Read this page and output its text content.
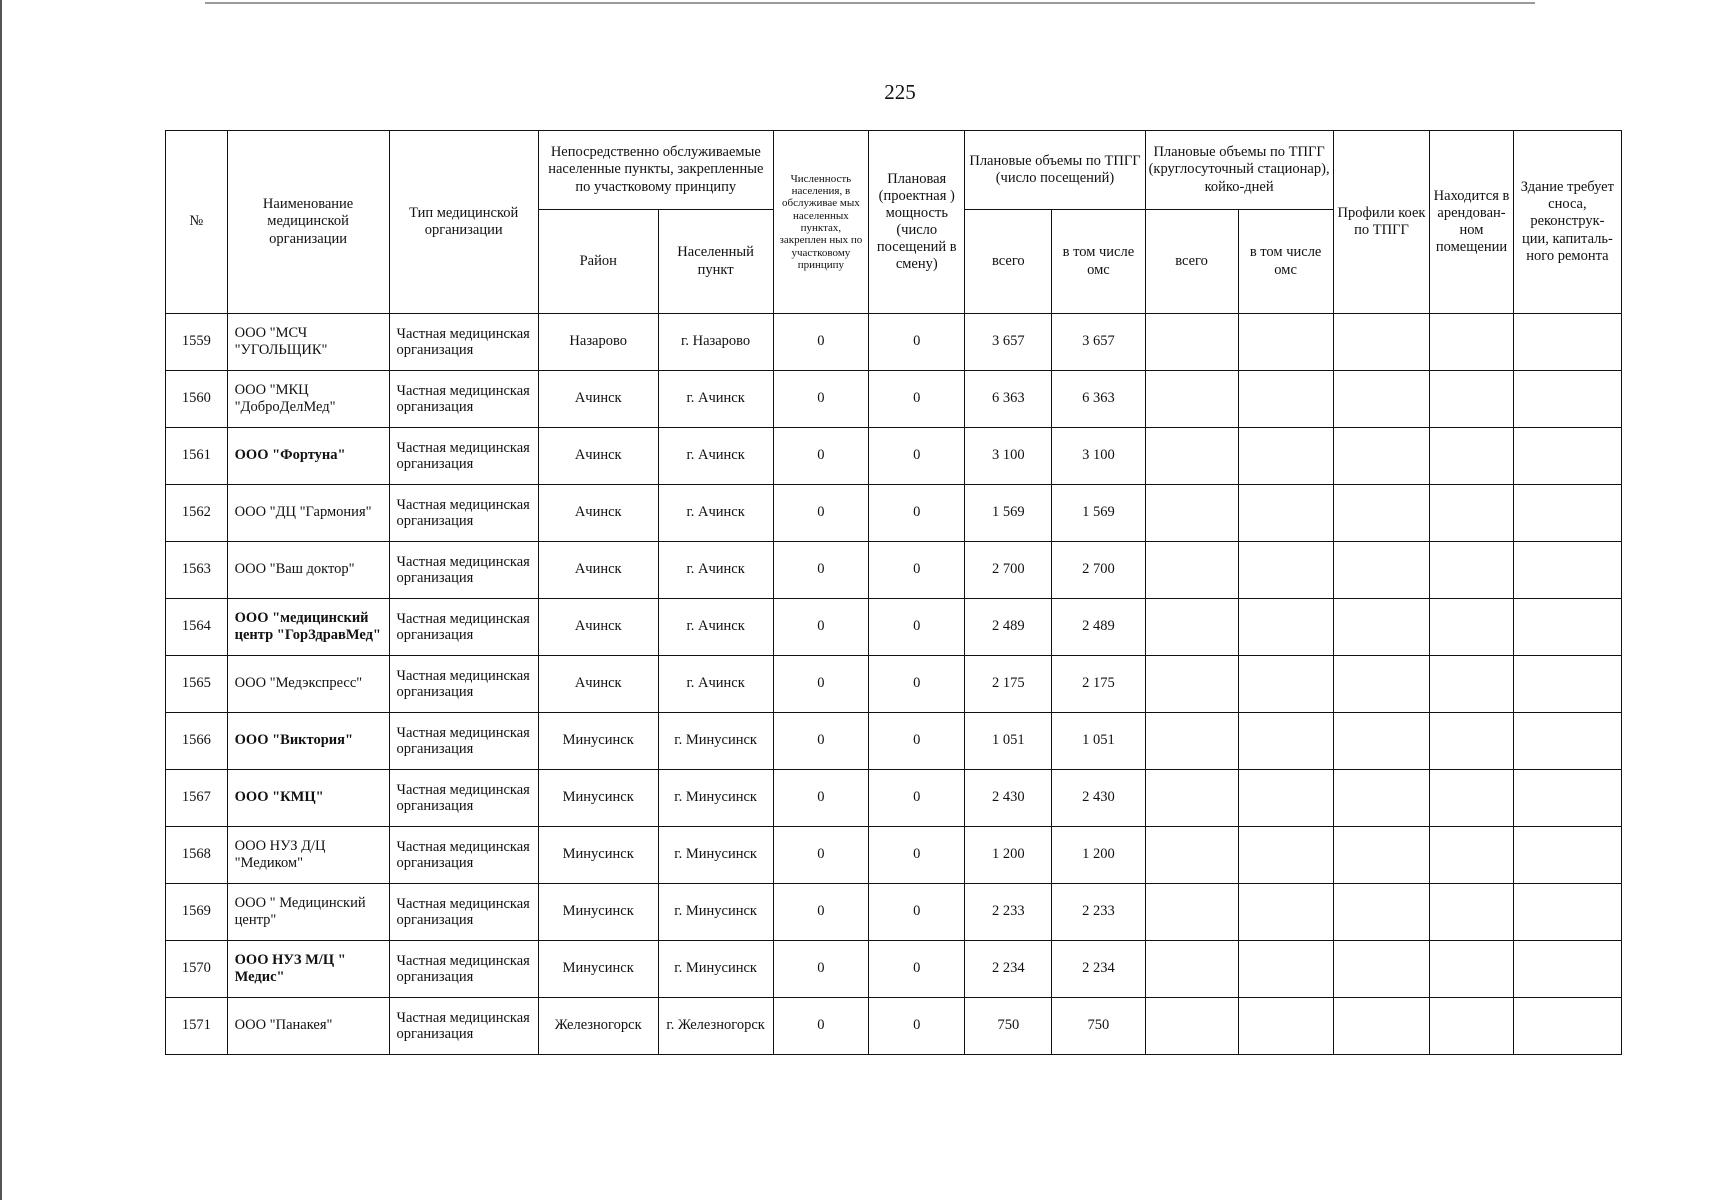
225
№	Наименование медицинской организации	Тип медицинской организации	Непосредственно обслуживаемые населенные пункты, закрепленные по участковому принципу		Численность населения, в обслуживае мых населенных пунктах, закреплен ных по участковому принципу	Плановая (проектная ) мощность (число посещений в смену)	Плановые объемы по ТПГГ (число посещений)		Плановые объемы по ТПГГ (круглосуточный стационар), койко-дней		Профили коек по ТПГГ	Находится в арендован- ном помещении	Здание требует сноса, реконструк- ции, капиталь- ного ремонта
			Район	Населенный пункт			всего	в том числе омс	всего	в том числе омс			
1559	ООО "МСЧ "УГОЛЬЩИК"	Частная медицинская организация	Назарово	г. Назарово	0	0	3 657	3 657					
1560	ООО "МКЦ "ДоброДелМед"	Частная медицинская организация	Ачинск	г. Ачинск	0	0	6 363	6 363					
1561	ООО "Фортуна"	Частная медицинская организация	Ачинск	г. Ачинск	0	0	3 100	3 100					
1562	ООО "ДЦ "Гармония"	Частная медицинская организация	Ачинск	г. Ачинск	0	0	1 569	1 569					
1563	ООО "Ваш доктор"	Частная медицинская организация	Ачинск	г. Ачинск	0	0	2 700	2 700					
1564	ООО "медицинский центр "ГорЗдравМед"	Частная медицинская организация	Ачинск	г. Ачинск	0	0	2 489	2 489					
1565	ООО "Медэкспресс"	Частная медицинская организация	Ачинск	г. Ачинск	0	0	2 175	2 175					
1566	ООО "Виктория"	Частная медицинская организация	Минусинск	г. Минусинск	0	0	1 051	1 051					
1567	ООО "КМЦ"	Частная медицинская организация	Минусинск	г. Минусинск	0	0	2 430	2 430					
1568	ООО НУЗ Д/Ц "Медиком"	Частная медицинская организация	Минусинск	г. Минусинск	0	0	1 200	1 200					
1569	ООО " Медицинский центр"	Частная медицинская организация	Минусинск	г. Минусинск	0	0	2 233	2 233					
1570	ООО НУЗ М/Ц " Медис"	Частная медицинская организация	Минусинск	г. Минусинск	0	0	2 234	2 234					
1571	ООО "Панакея"	Частная медицинская организация	Железногорск	г. Железногорск	0	0	750	750					
